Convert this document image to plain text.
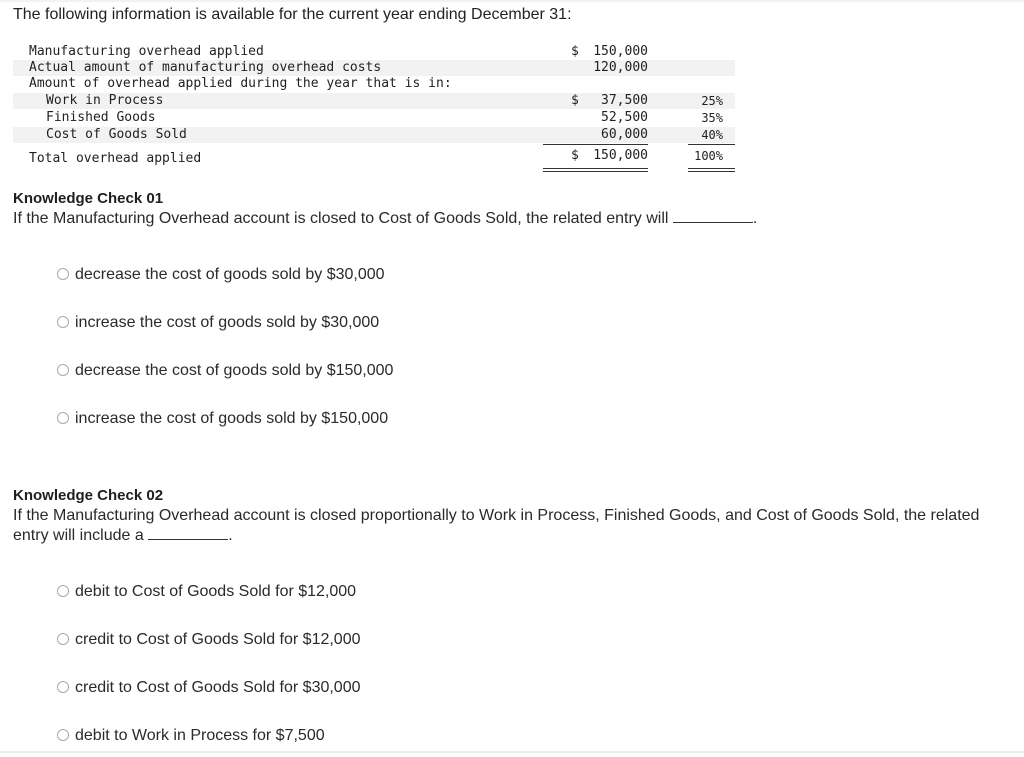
The following information is available for the current year ending December 31:
Manufacturing overhead applied	$ 150,000
Actual amount of manufacturing overhead costs	120,000
Amount of overhead applied during the year that is in:
Work in Process	$ 37,500	25%
Finished Goods	52,500	35%
Cost of Goods Sold	60,000	40%
Total overhead applied	$ 150,000	100%
Knowledge Check 01
If the Manufacturing Overhead account is closed to Cost of Goods Sold, the related entry will	.
decrease the cost of goods sold by $30,000
increase the cost of goods sold by $30,000
decrease the cost of goods sold by $150,000
increase the cost of goods sold by $150,000
Knowledge Check 02
If the Manufacturing Overhead account is closed proportionally to Work in Process, Finished Goods, and Cost of Goods Sold, the related entry will include a	.
debit to Cost of Goods Sold for $12,000
credit to Cost of Goods Sold for $12,000
credit to Cost of Goods Sold for $30,000
debit to Work in Process for $7,500
